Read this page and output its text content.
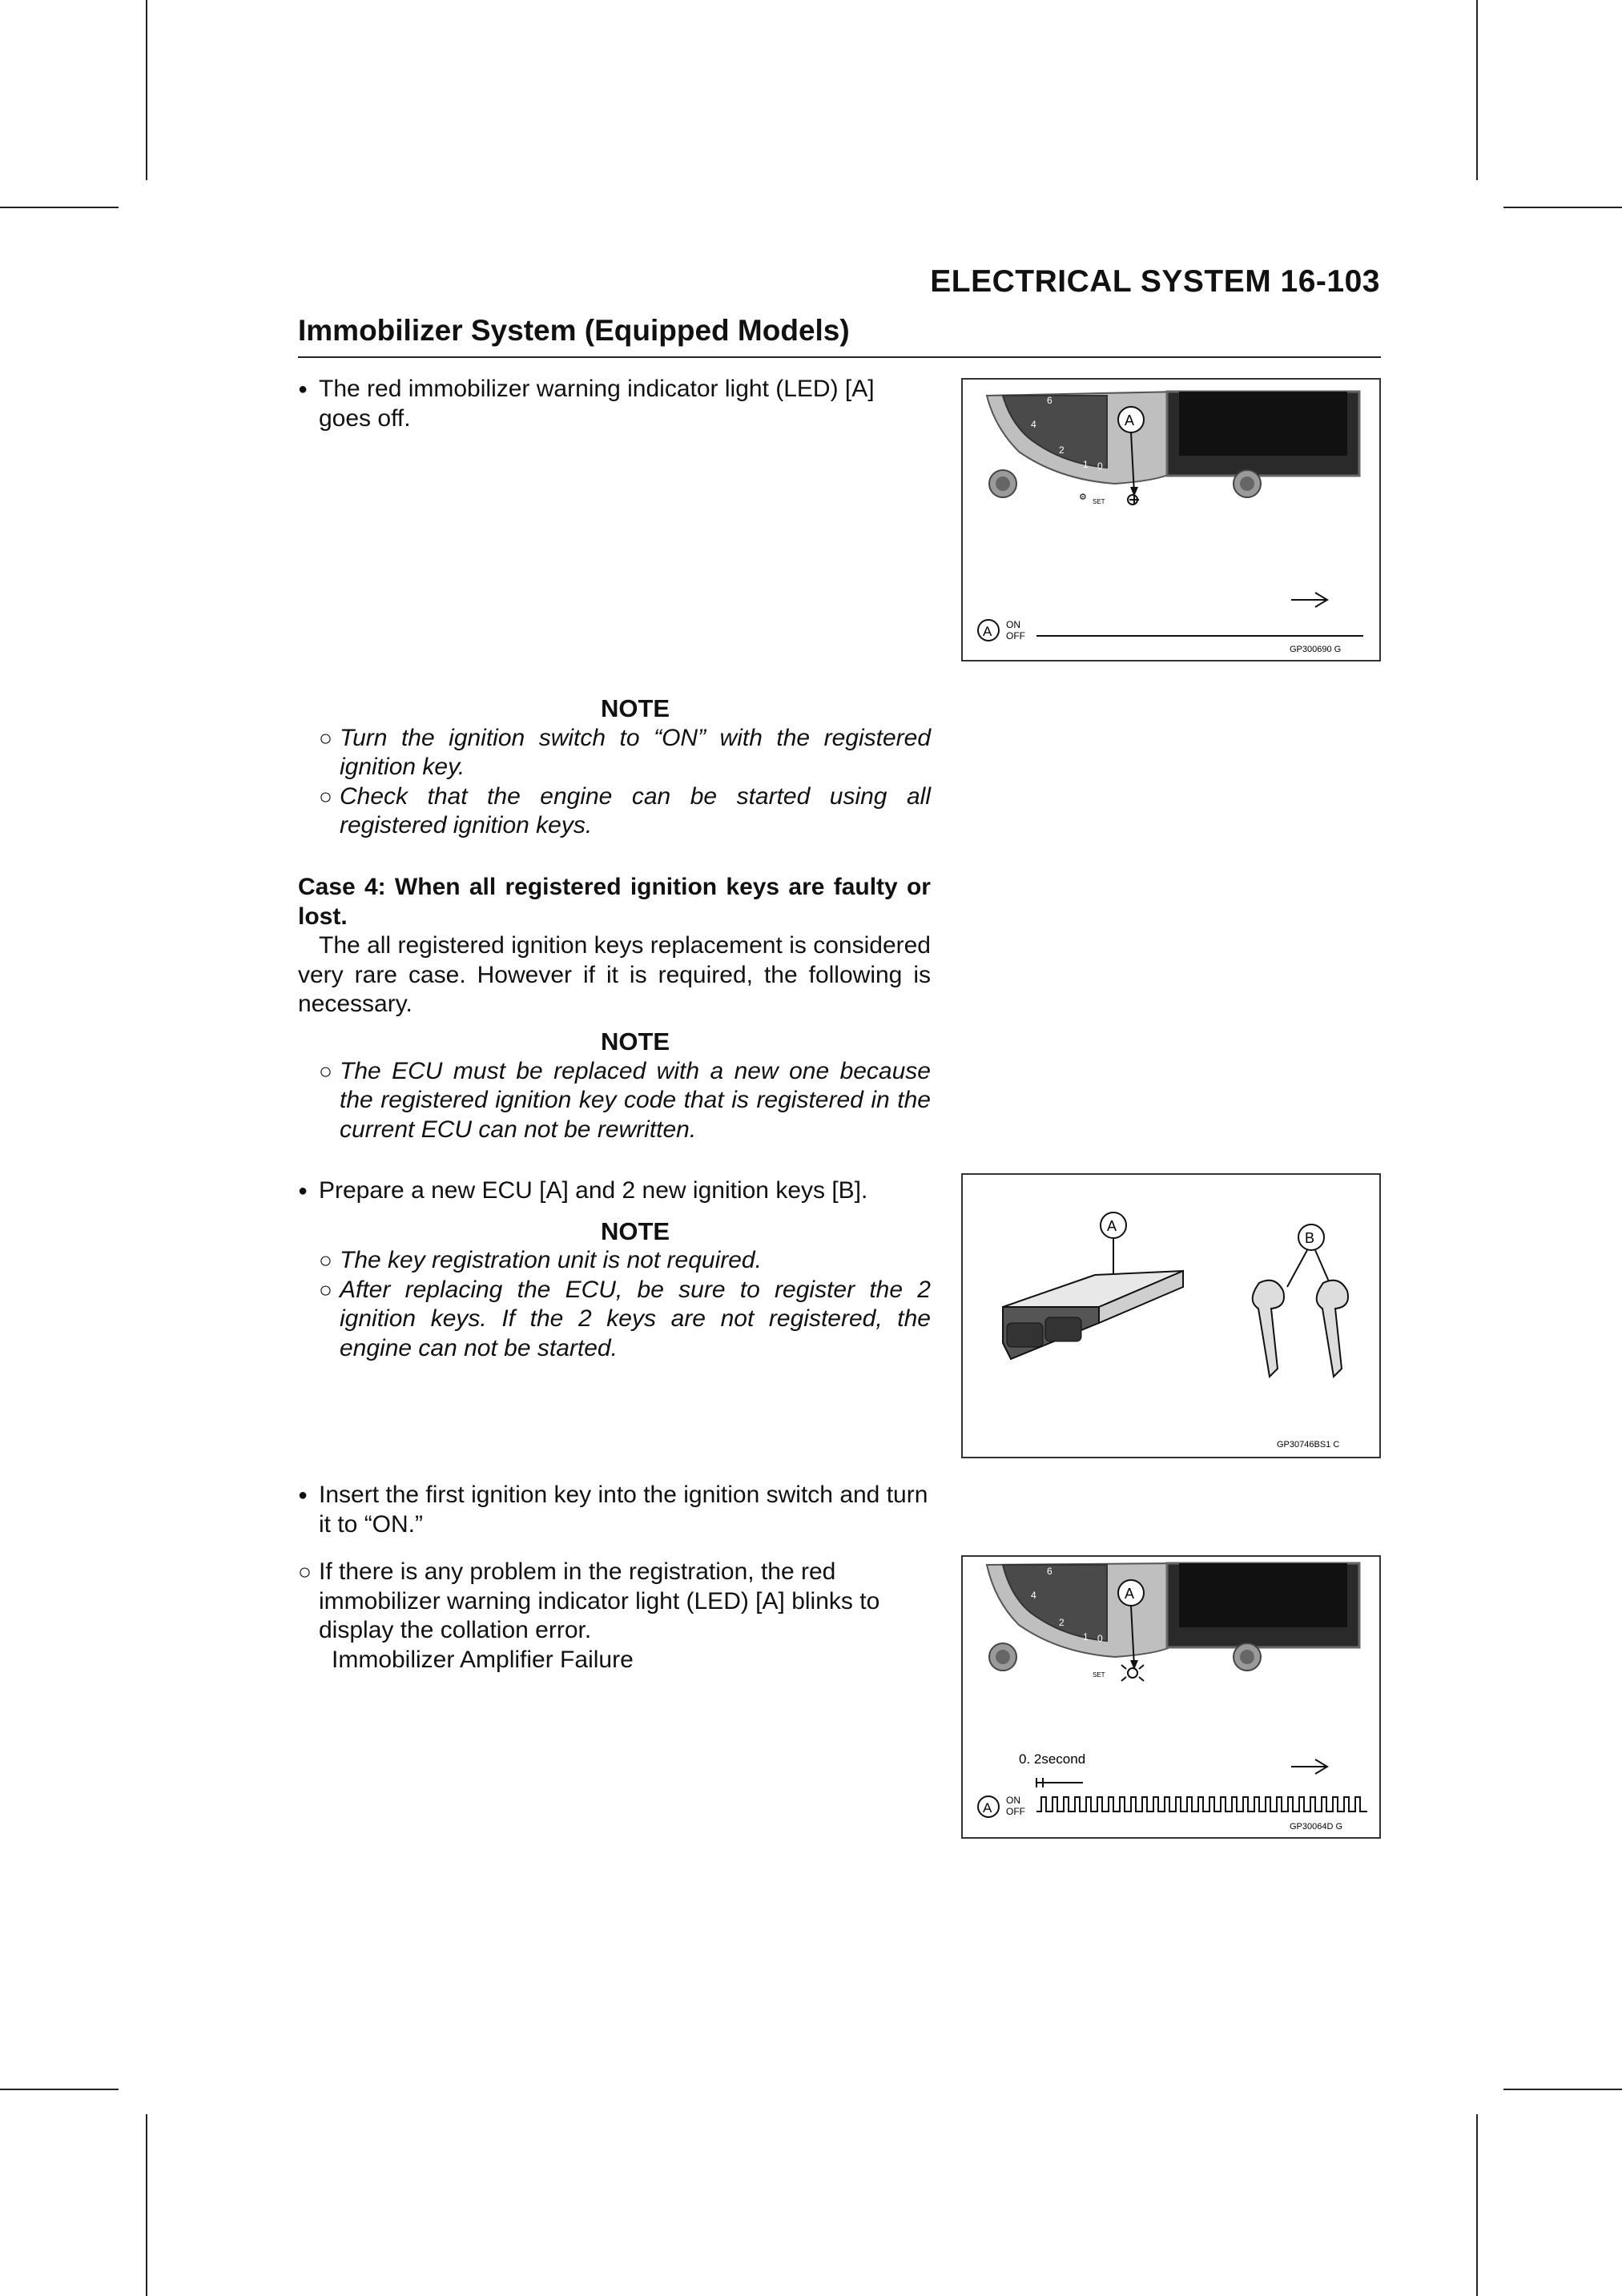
ELECTRICAL SYSTEM 16-103
Immobilizer System (Equipped Models)
● The red immobilizer warning indicator light (LED) [A] goes off.
NOTE
○ Turn the ignition switch to “ON” with the registered ignition key.
○ Check that the engine can be started using all registered ignition keys.
Case 4: When all registered ignition keys are faulty or lost.
The all registered ignition keys replacement is considered very rare case. However if it is required, the following is necessary.
NOTE
○ The ECU must be replaced with a new one because the registered ignition key code that is registered in the current ECU can not be rewritten.
● Prepare a new ECU [A] and 2 new ignition keys [B].
NOTE
○ The key registration unit is not required.
○ After replacing the ECU, be sure to register the 2 ignition keys. If the 2 keys are not registered, the engine can not be started.
● Insert the first ignition key into the ignition switch and turn it to “ON.”
○ If there is any problem in the registration, the red immobilizer warning indicator light (LED) [A] blinks to display the collation error.
Immobilizer Amplifier Failure
6
4
2
1 0
⚙ SET
A
A ON
OFF
GP300690 G
A
B
GP30746BS1 C
6
4
2
1 0
SET
A
0. 2second
A ON
OFF
GP30064D G
